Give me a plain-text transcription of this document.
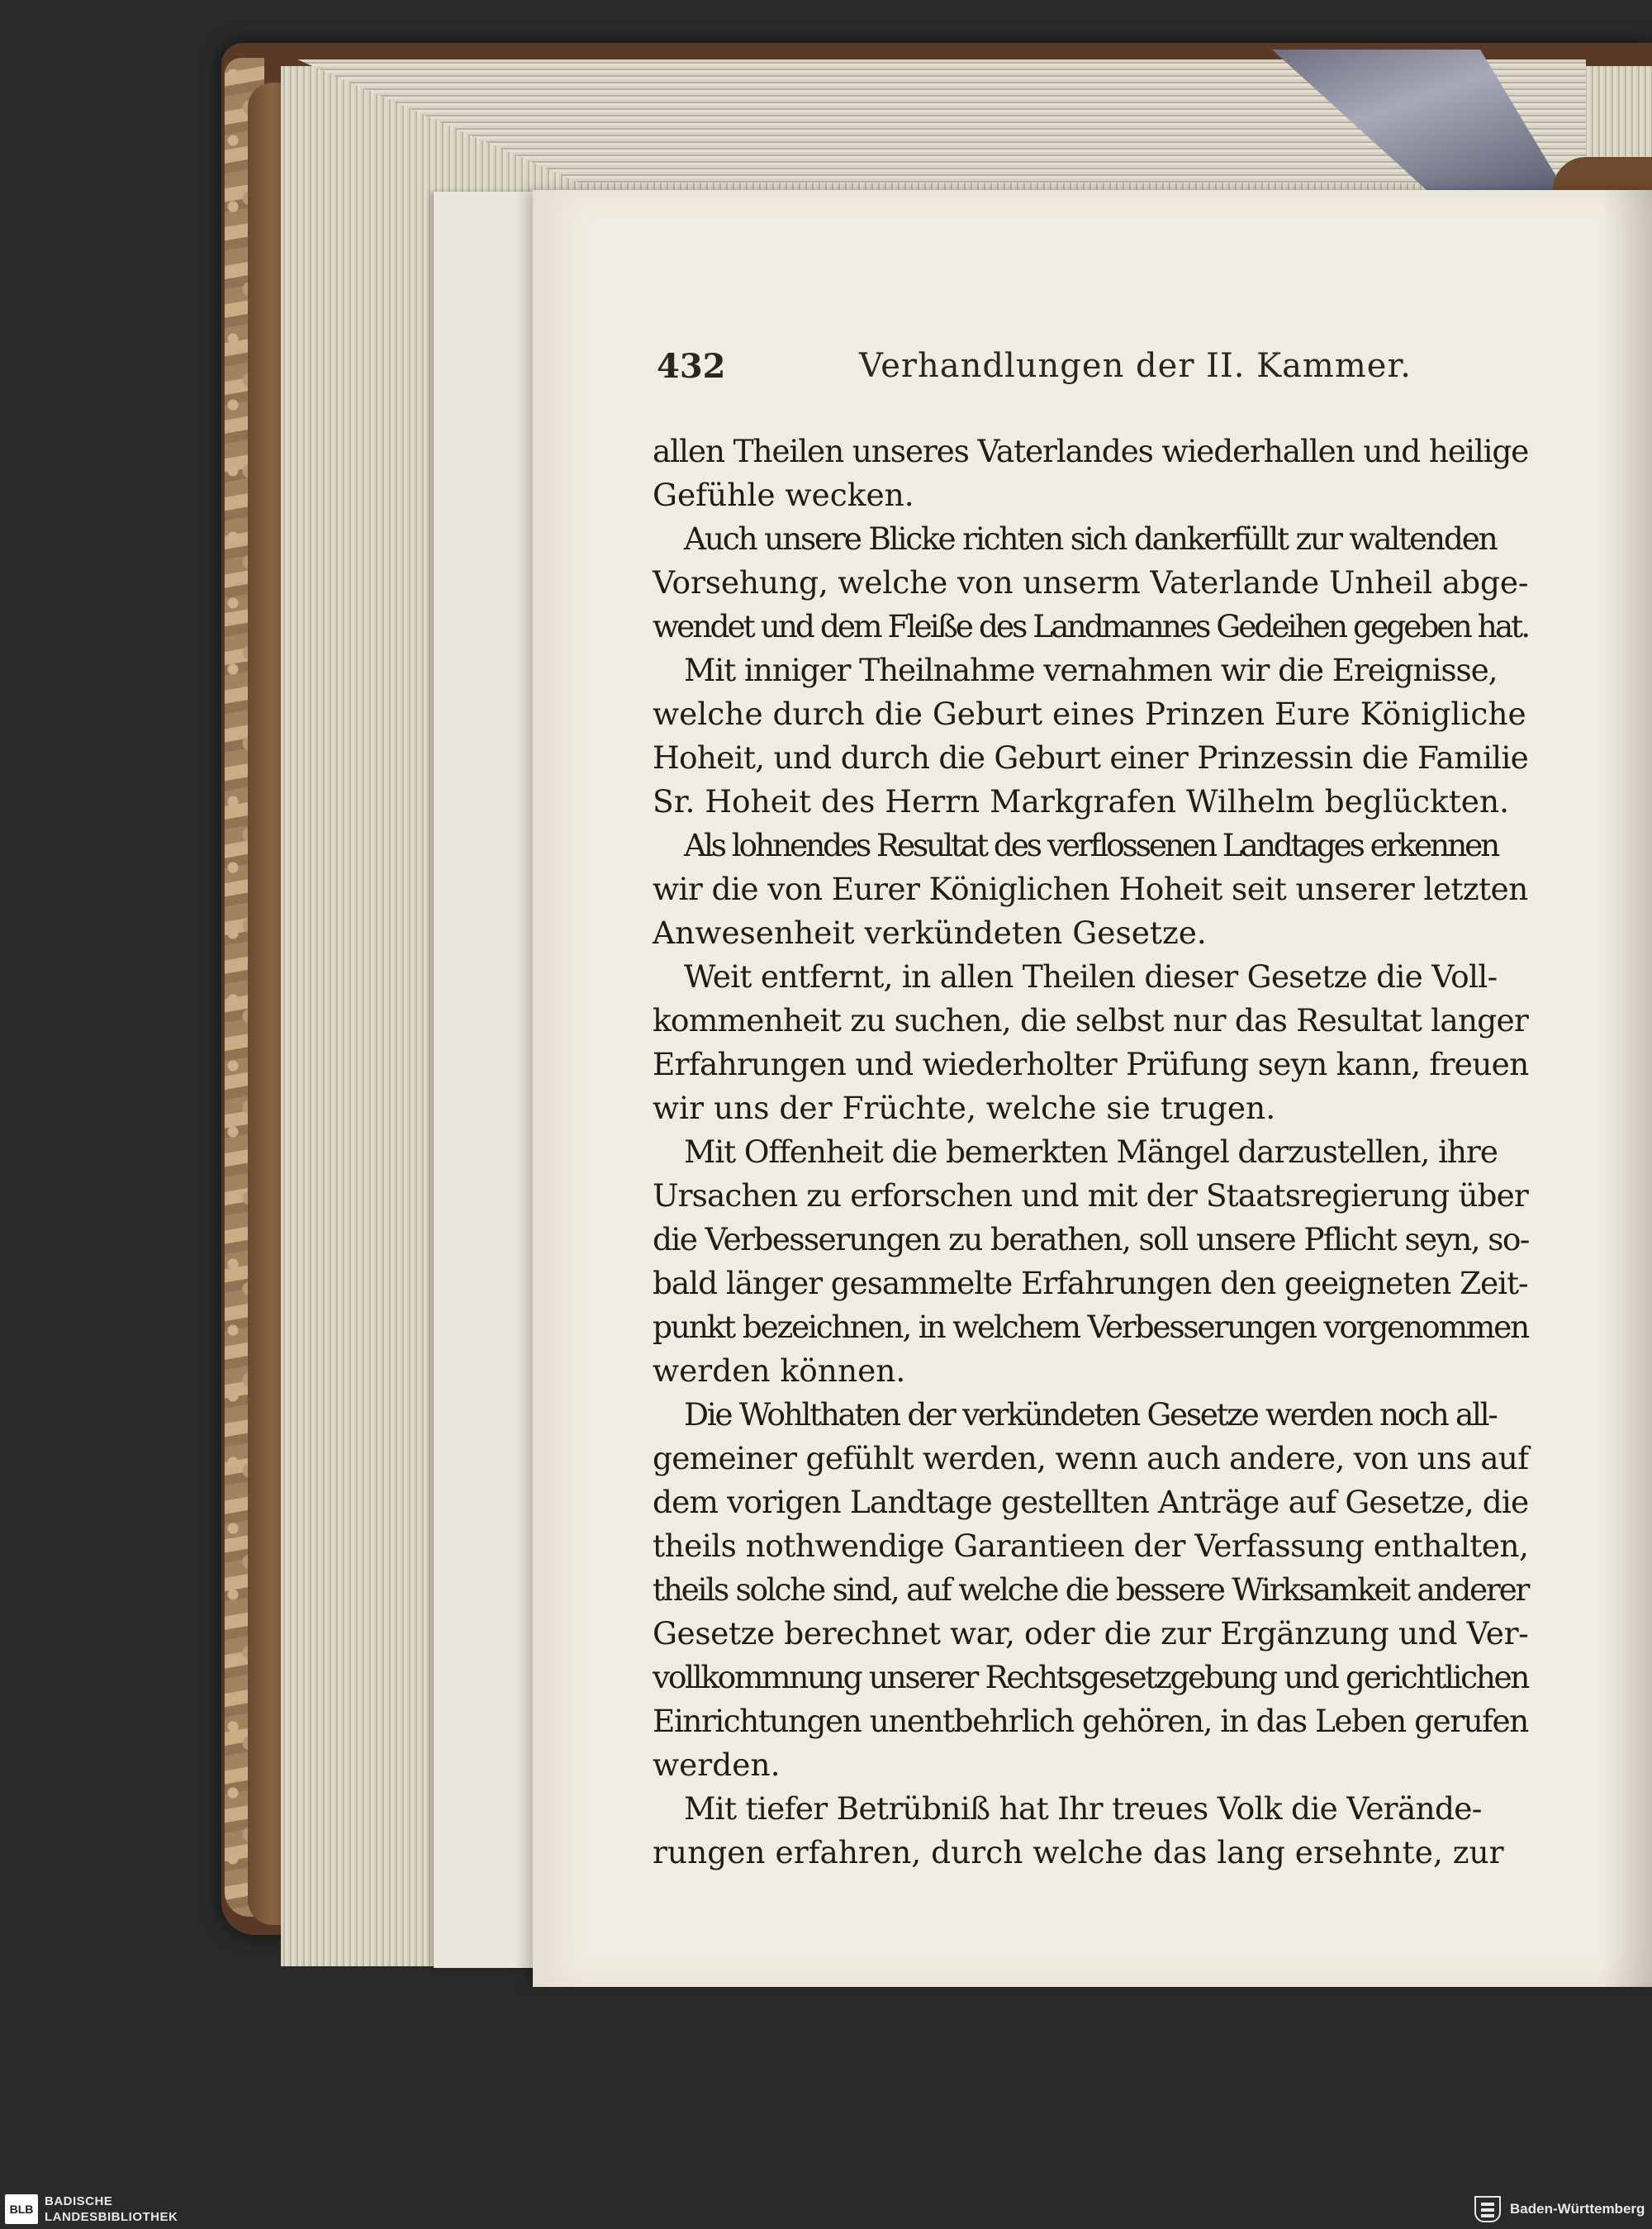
432	Verhandlungen der II. Kammer.
allen Theilen unseres Vaterlandes wiederhallen und heilige
Gefühle wecken.
Auch unsere Blicke richten sich dankerfüllt zur waltenden
Vorsehung, welche von unserm Vaterlande Unheil abge-
wendet und dem Fleiße des Landmannes Gedeihen gegeben hat.
Mit inniger Theilnahme vernahmen wir die Ereignisse,
welche durch die Geburt eines Prinzen Eure Königliche
Hoheit, und durch die Geburt einer Prinzessin die Familie
Sr. Hoheit des Herrn Markgrafen Wilhelm beglückten.
Als lohnendes Resultat des verflossenen Landtages erkennen
wir die von Eurer Königlichen Hoheit seit unserer letzten
Anwesenheit verkündeten Gesetze.
Weit entfernt, in allen Theilen dieser Gesetze die Voll-
kommenheit zu suchen, die selbst nur das Resultat langer
Erfahrungen und wiederholter Prüfung seyn kann, freuen
wir uns der Früchte, welche sie trugen.
Mit Offenheit die bemerkten Mängel darzustellen, ihre
Ursachen zu erforschen und mit der Staatsregierung über
die Verbesserungen zu berathen, soll unsere Pflicht seyn, so-
bald länger gesammelte Erfahrungen den geeigneten Zeit-
punkt bezeichnen, in welchem Verbesserungen vorgenommen
werden können.
Die Wohlthaten der verkündeten Gesetze werden noch all-
gemeiner gefühlt werden, wenn auch andere, von uns auf
dem vorigen Landtage gestellten Anträge auf Gesetze, die
theils nothwendige Garantieen der Verfassung enthalten,
theils solche sind, auf welche die bessere Wirksamkeit anderer
Gesetze berechnet war, oder die zur Ergänzung und Ver-
vollkommnung unserer Rechtsgesetzgebung und gerichtlichen
Einrichtungen unentbehrlich gehören, in das Leben gerufen
werden.
Mit tiefer Betrübniß hat Ihr treues Volk die Verände-
rungen erfahren, durch welche das lang ersehnte, zur
BLB
BADISCHE
LANDESBIBLIOTHEK
Baden-Württemberg
